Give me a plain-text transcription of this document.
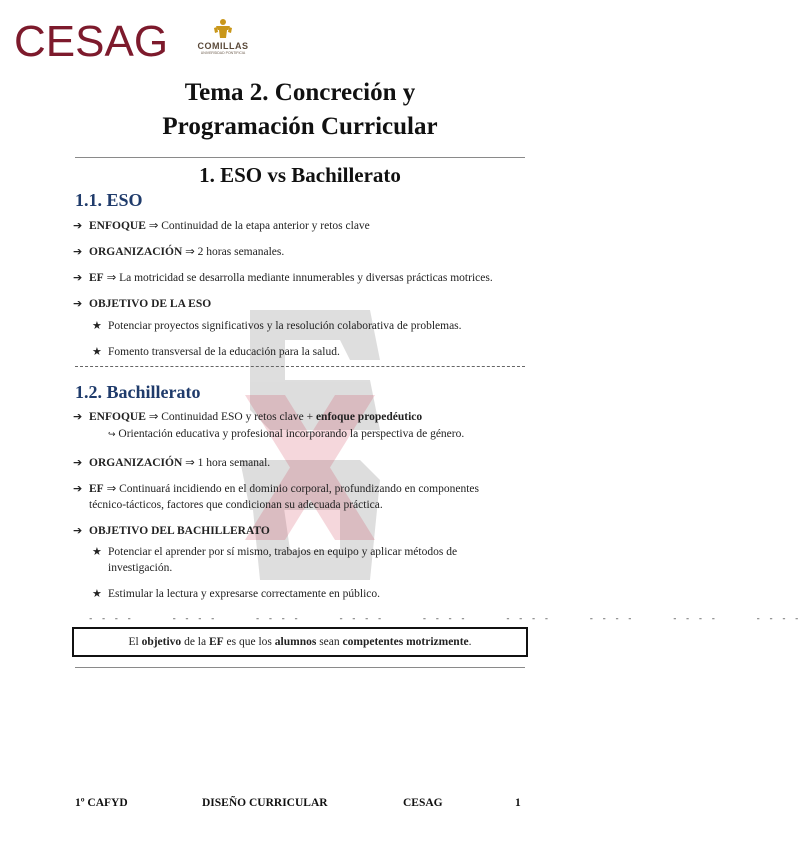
CESAG	COMILLAS
UNIVERSIDAD PONTIFICIA
Tema 2. Concreción y
Programación Curricular
1. ESO vs Bachillerato
1.1. ESO
➔ ENFOQUE ⇒ Continuidad de la etapa anterior y retos clave
➔ ORGANIZACIÓN ⇒ 2 horas semanales.
➔ EF ⇒ La motricidad se desarrolla mediante innumerables y diversas prácticas motrices.
➔ OBJETIVO DE LA ESO
★ Potenciar proyectos significativos y la resolución colaborativa de problemas.
★ Fomento transversal de la educación para la salud.
1.2. Bachillerato
➔ ENFOQUE ⇒ Continuidad ESO y retos clave + enfoque propedéutico
↪ Orientación educativa y profesional incorporando la perspectiva de género.
➔ ORGANIZACIÓN ⇒ 1 hora semanal.
➔ EF ⇒ Continuará incidiendo en el dominio corporal, profundizando en componentes
técnico-tácticos, factores que condicionan su adecuada práctica.
➔ OBJETIVO DEL BACHILLERATO
★ Potenciar el aprender por sí mismo, trabajos en equipo y aplicar métodos de
investigación.
★ Estimular la lectura y expresarse correctamente en público.
- - - -      - - - -      - - - -      - - - -      - - - -      - - - -      - - - -      - - - -      - - - -
El objetivo de la EF es que los alumnos sean competentes motrizmente.
1º CAFYD	DISEÑO CURRICULAR	CESAG	1
